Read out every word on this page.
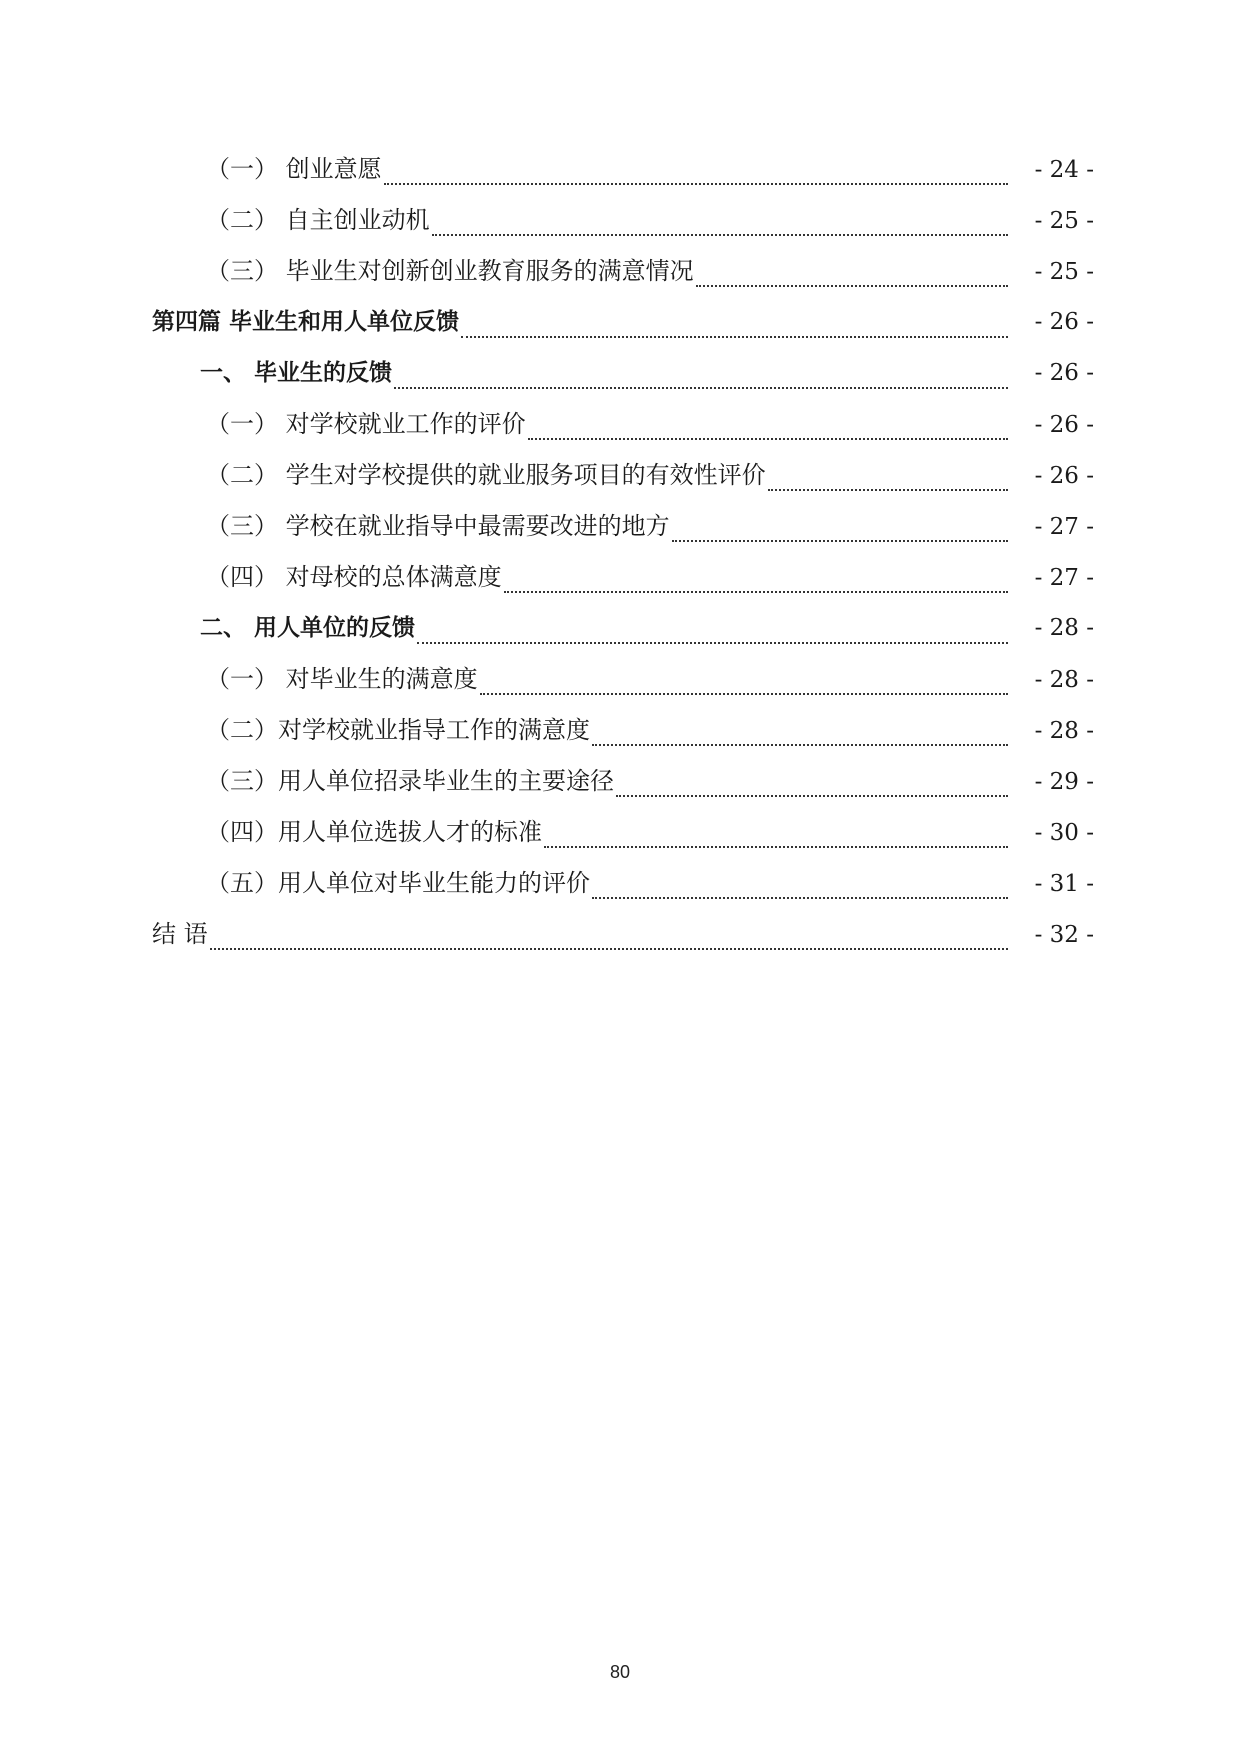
（一） 创业意愿	- 24 -
（二） 自主创业动机	- 25 -
（三） 毕业生对创新创业教育服务的满意情况	- 25 -
第四篇 毕业生和用人单位反馈	- 26 -
一、 毕业生的反馈	- 26 -
（一） 对学校就业工作的评价	- 26 -
（二） 学生对学校提供的就业服务项目的有效性评价	- 26 -
（三） 学校在就业指导中最需要改进的地方	- 27 -
（四） 对母校的总体满意度	- 27 -
二、 用人单位的反馈	- 28 -
（一） 对毕业生的满意度	- 28 -
（二）对学校就业指导工作的满意度	- 28 -
（三）用人单位招录毕业生的主要途径	- 29 -
（四）用人单位选拔人才的标准	- 30 -
（五）用人单位对毕业生能力的评价	- 31 -
结 语	- 32 -
80
